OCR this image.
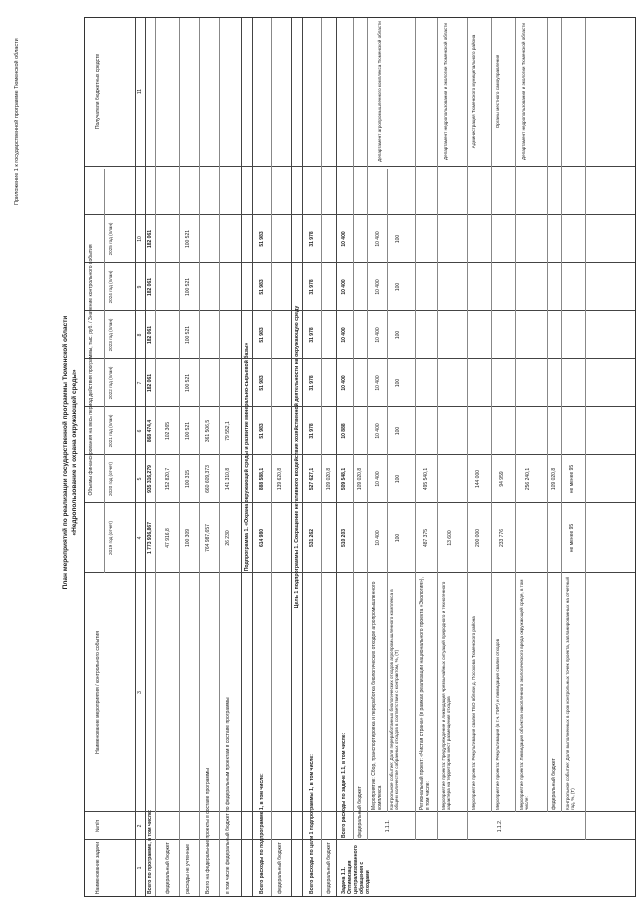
Приложение 1 к государственной программе Тюменской области
План мероприятий по реализации государственной программы Тюменской области «Недропользование и охрана окружающей среды»
Наименование задачи
№п/п
Наименование мероприятия / контрольного события
Объемы финансирования на весь период действия программы, тыс. руб. / Значение контрольного события
Получатели бюджетных средств
2019 год (отчет)
2020 год (отчет)
2021 год (план)
2022 год (план)
2023 год (план)
2024 год (план)
2025 год (план)
1
2
3
4
5
6
7
8
9
10
11
Всего по программе, в том числе:
1 773 936,867
935 316,279
868 474,4
182 061
182 061
182 061
182 061
федеральный бюджет
47 916,8
152 820,7
102 365
расходы не учтенные
100 309
100 315
100 521
100 521
100 521
100 521
100 521
Всего на федеральные проекты в составе программы
764 987,657
660 609,373
361 506,5
в том числе федеральный бюджет по федеральным проектам в составе программы
26 230
141 310,8
79 552,1	Подпрограмма 1. «Охрана окружающей среды и развитие минерально-сырьевой базы»
Всего расходы по подпрограмме 1, в том числе:
614 980
888 588,1
51 983
51 983
51 983
51 983
51 983
федеральный бюджет
139 620,8 Цель 1 подпрограммы 1. Сокращение негативного воздействия хозяйственной деятельности на окружающую среду
Всего расходы по цели 1 подпрограммы 1, в том числе:
531 262
527 627,1
31 978
31 978
31 978
31 978
31 978
федеральный бюджет
109 020,8
Задача 1.1. Оптимизация централизованного обращения с отходами
Всего расходы по задаче 1.1, в том числе:
510 203
509 548,1
10 888
10 400
10 400
10 400
10 400
федеральный бюджет
109 020,8
1.1.1.
Мероприятие: Сбор, транспортировка и переработка биологических отходов агропромышленного комплекса
10 400
10 400
10 400
10 400
10 400
10 400
10 400
Контрольное событие: Доля переработанных биологических отходов агропромышленного комплекса в общем количестве собранных отходов в соответствии с контрактом, %, (T)
100
100
100
100
100
100
100
Департамент агропромышленного комплекса Тюменской области
Региональный проект: «Чистая страна» (в рамках реализации национального проекта «Экология»), в том числе:
487 375
495 540,1
Мероприятие проекта: Предупреждение и ликвидация чрезвычайных ситуаций природного и техногенного характера на территориях мест размещения отходов
13 600
Департамент недропользования и экологии Тюменской области
Мероприятие проекта: Рекультивация свалки ТБО вблизи д. Посохова Тюменского района
200 000
144 000
Администрация Тюменского муниципального района
1.1.2.
Мероприятие проекта: Рекультивация (в т.ч. ПИР) и ликвидация свалки отходов
233 776
94 959
Органы местного самоуправления
Мероприятие проекта: Ликвидация объектов накопленного экологического вреда окружающей среде, в том числе:
256 240,1
Департамент недропользования и экологии Тюменской области
федеральный бюджет
109 020,8
Контрольное событие: Доля выполненных в срок контрольных точек проекта, запланированных на отчетный год, %, (T)
не менее 95
не менее 95
